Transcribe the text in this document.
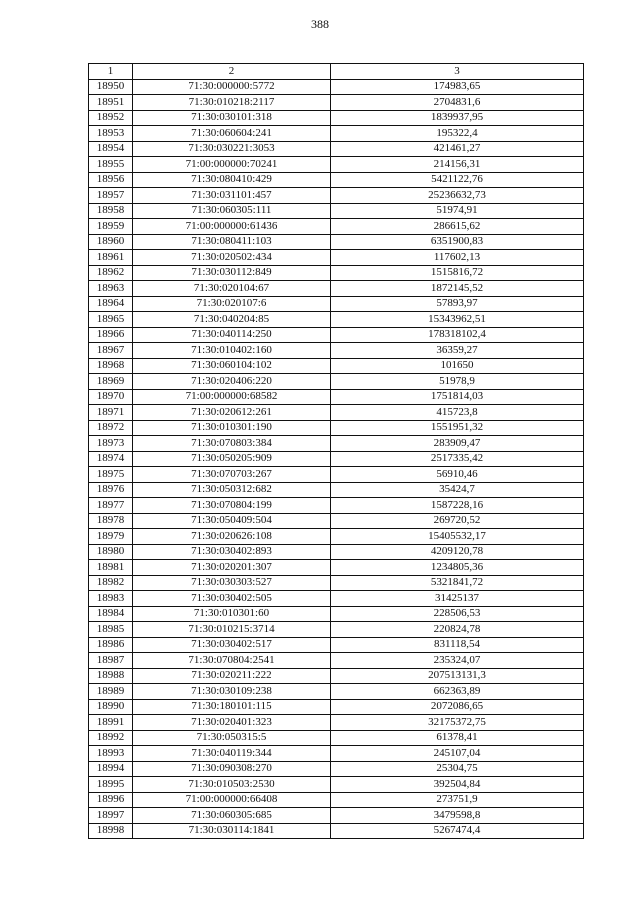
388
1	2	3
18950	71:30:000000:5772	174983,65
18951	71:30:010218:2117	2704831,6
18952	71:30:030101:318	1839937,95
18953	71:30:060604:241	195322,4
18954	71:30:030221:3053	421461,27
18955	71:00:000000:70241	214156,31
18956	71:30:080410:429	5421122,76
18957	71:30:031101:457	25236632,73
18958	71:30:060305:111	51974,91
18959	71:00:000000:61436	286615,62
18960	71:30:080411:103	6351900,83
18961	71:30:020502:434	117602,13
18962	71:30:030112:849	1515816,72
18963	71:30:020104:67	1872145,52
18964	71:30:020107:6	57893,97
18965	71:30:040204:85	15343962,51
18966	71:30:040114:250	178318102,4
18967	71:30:010402:160	36359,27
18968	71:30:060104:102	101650
18969	71:30:020406:220	51978,9
18970	71:00:000000:68582	1751814,03
18971	71:30:020612:261	415723,8
18972	71:30:010301:190	1551951,32
18973	71:30:070803:384	283909,47
18974	71:30:050205:909	2517335,42
18975	71:30:070703:267	56910,46
18976	71:30:050312:682	35424,7
18977	71:30:070804:199	1587228,16
18978	71:30:050409:504	269720,52
18979	71:30:020626:108	15405532,17
18980	71:30:030402:893	4209120,78
18981	71:30:020201:307	1234805,36
18982	71:30:030303:527	5321841,72
18983	71:30:030402:505	31425137
18984	71:30:010301:60	228506,53
18985	71:30:010215:3714	220824,78
18986	71:30:030402:517	831118,54
18987	71:30:070804:2541	235324,07
18988	71:30:020211:222	207513131,3
18989	71:30:030109:238	662363,89
18990	71:30:180101:115	2072086,65
18991	71:30:020401:323	32175372,75
18992	71:30:050315:5	61378,41
18993	71:30:040119:344	245107,04
18994	71:30:090308:270	25304,75
18995	71:30:010503:2530	392504,84
18996	71:00:000000:66408	273751,9
18997	71:30:060305:685	3479598,8
18998	71:30:030114:1841	5267474,4
